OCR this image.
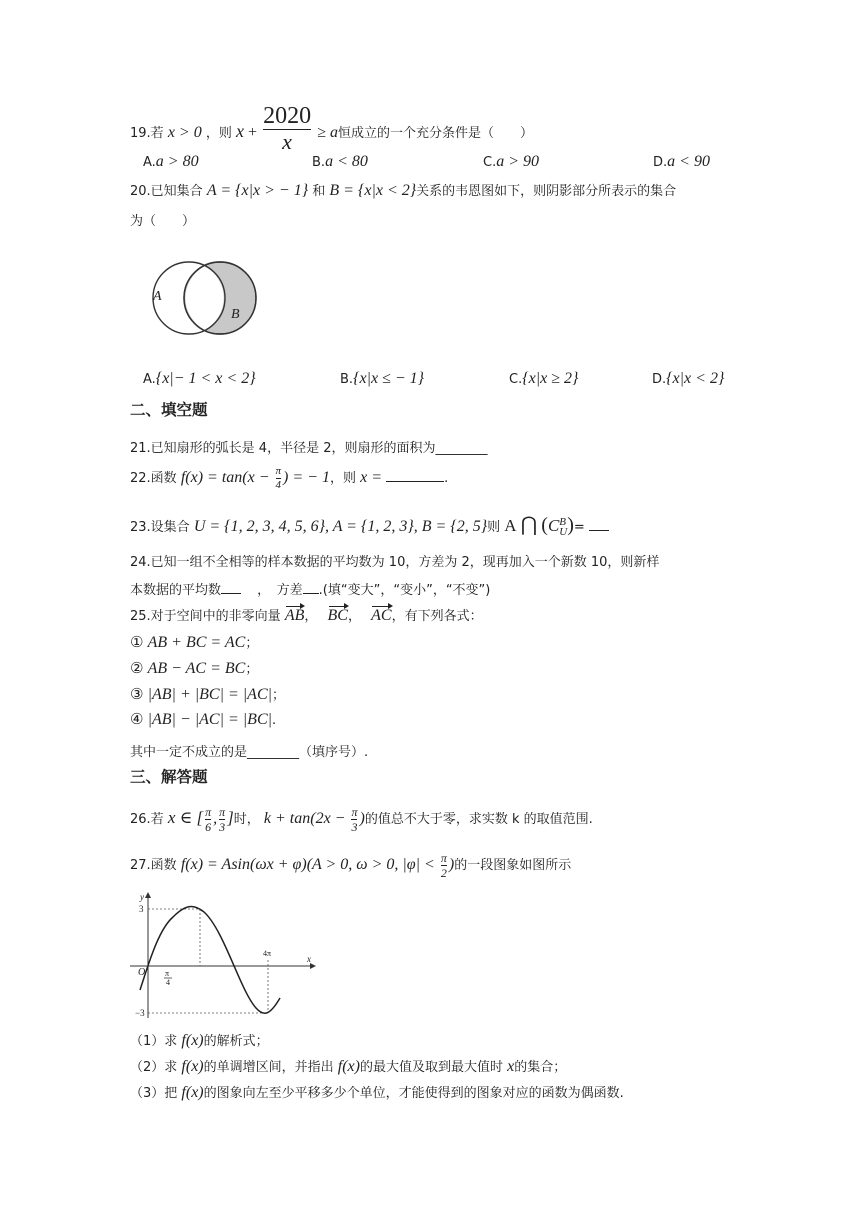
19.若 x > 0 ，则 $x + \frac{2020}{x} \ge a$恒成立的一个充分条件是（　　）
A.a > 80	B.a < 80	C.a > 90	D.a < 90
20.已知集合 A = {x|x > − 1} 和 B = {x|x < 2}关系的韦恩图如下，则阴影部分所表示的集合
为（　　）
A
B
A.{x|− 1 < x < 2}	B.{x|x ≤ − 1}	C.{x|x ≥ 2}	D.{x|x < 2}
二、填空题
21.已知扇形的弧长是 4，半径是 2，则扇形的面积为________
22.函数 $f(x) = \tan(x - \frac{\pi}{4}$ ) = − 1，则 x =	.
23.设集合 U = {1, 2, 3, 4, 5, 6}, A = {1, 2, 3}, B = {2, 5}则 A ⋂ (C B
U )=
24.已知一组不全相等的样本数据的平均数为 10，方差为 2，现再加入一个新数 10，则新样
本数据的平均数	，　方差 .(填“变大”，“变小”，“不变”)
25.对于空间中的非零向量 AB， BC， AC，有下列各式：
① AB + BC = AC；
② AB − AC = BC；
③ |AB| + |BC| = |AC|；
④ |AB| − |AC| = |BC|.
其中一定不成立的是________（填序号）.
三、解答题
26.若 x ∈ [ $\frac{\pi}{6}$ , $\frac{\pi}{3}$ ]时， $k + \tan(2x - \frac{\pi}{3}$ )的值总不大于零，求实数 k 的取值范围.
27.函数 f(x) = Asin(ωx + φ)(A > 0, ω > 0, $|\varphi| < \frac{\pi}{2}$ )的一段图象如图所示
y
x
O
3
−3
π
4
4π
（1）求 f(x)的解析式；
（2）求 f(x)的单调增区间，并指出 f(x)的最大值及取到最大值时 x的集合；
（3）把 f(x)的图象向左至少平移多少个单位，才能使得到的图象对应的函数为偶函数.
